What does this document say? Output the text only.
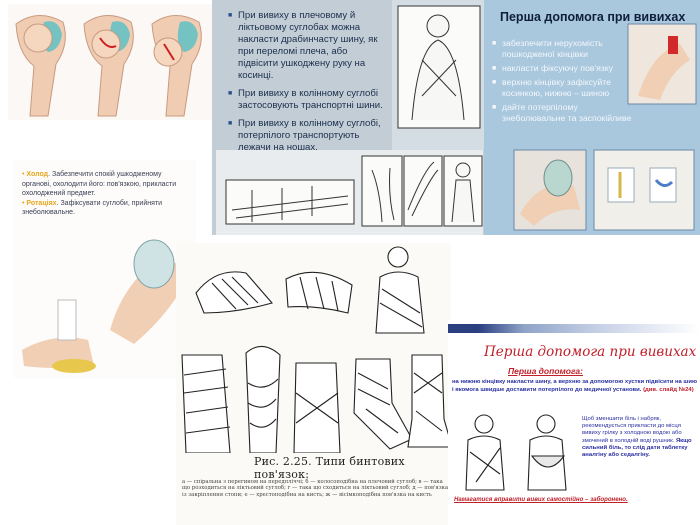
■ При вивиху в плечовому й ліктьовому суглобах можна накласти драбинчасту шину, як при переломі плеча, або підвісити ушкоджену руку на косинці.
■ При вивиху в колінному суглобі застосовують транспортні шини.
■ При вивиху в колінному суглобі, потерпілого транспортують лежачи на ношах.
Перша допомога при вивихах
■ забезпечити нерухомість пошкодженої кінцівки
■ накласти фіксуючу пов'язку
■ верхню кінцівку зафіксуйте косинкою, нижню – шиною
■ дайте потерпілому знеболювальне та заспокійливе
• Холод. Забезпечити спокій ушкодженому органові, охолодити його: пов'язкою, прикласти охолоджений предмет.
• Ротаціях. Зафіксувати суглоби, прийняти знеболювальне.
Рис. 2.25. Типи бинтових пов'язок:
а — спіральна з перегином на передпліччі; б — колосоподібна на плечовий суглоб; в — така що розходиться на ліктьовий суглоб; г — така що сходиться на ліктьовий суглоб; д — пов'язка із закріплення стопи; е — хрестоподібна на кисть; ж — вісімкоподібна пов'язка на кисть
Перша допомога при вивихах
Перша допомога:
на нижню кінцівку накласти шину, а верхню за допомогою хустки підвісити на шию і якомога швидше доставити потерпілого до медичної установи. (див. слайд №24)
Щоб зменшити біль і набряк, рекомендується прикласти до місця вивиху грілку з холодною водою або змочений в холодній воді рушник. Якщо сильний біль, то слід дати таблетку аналгіну або седалгіну.
Намагатися вправити вивих самостійно – заборонено.
